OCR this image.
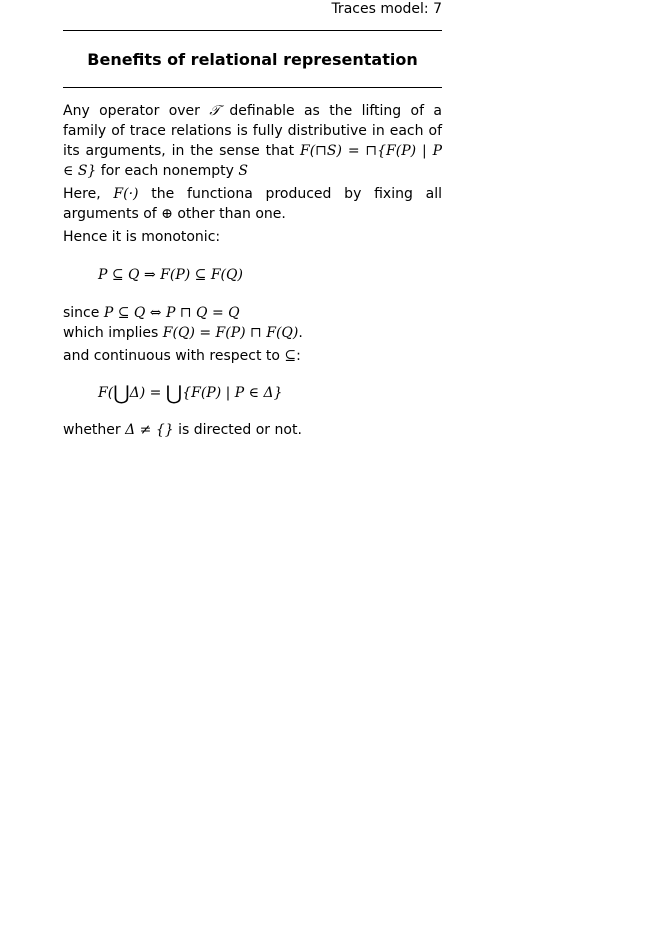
Traces model: 7
Benefits of relational representation

Any operator over 𝒯 definable as the lifting of a family of trace relations is fully distributive in each of its arguments, in the sense that F(⊓S) = ⊓{F(P) | P ∈ S} for each nonempty S

Here, F(·) the functiona produced by fixing all arguments of ⊕ other than one.

Hence it is monotonic:

P ⊆ Q ⇒ F(P) ⊆ F(Q)

since P ⊆ Q ⇔ P ⊓ Q = Q

which implies F(Q) = F(P) ⊓ F(Q).

and continuous with respect to ⊆:

F(⋃Δ) = ⋃{F(P) | P ∈ Δ}

whether Δ ≠ {} is directed or not.
